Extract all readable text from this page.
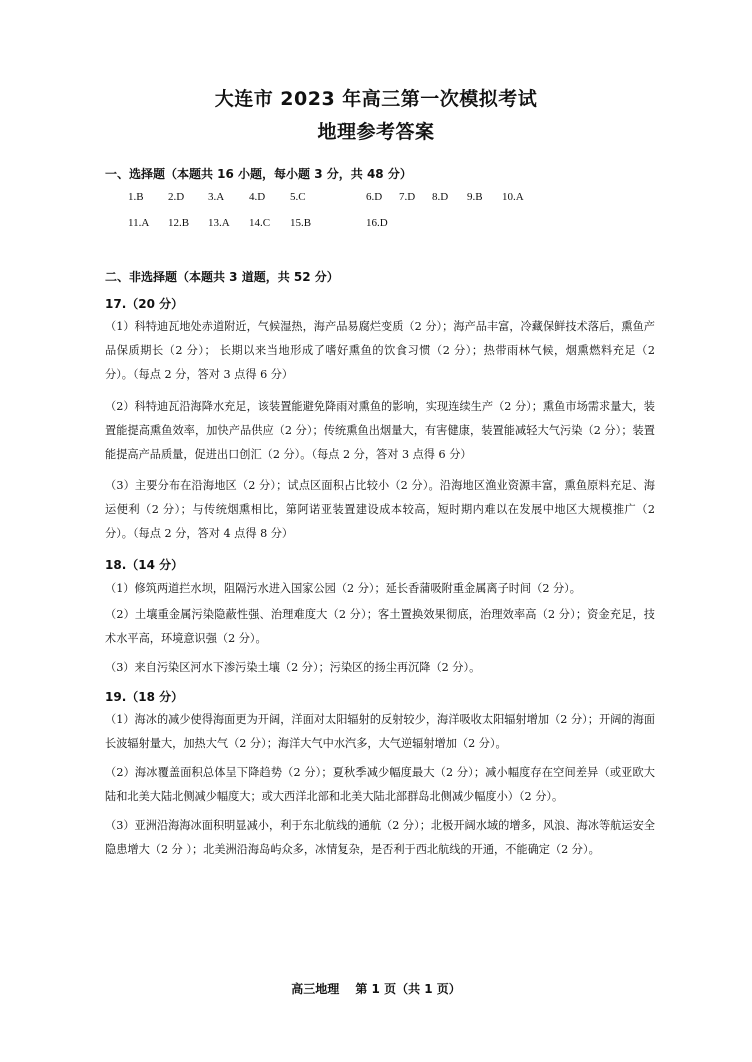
大连市 2023 年高三第一次模拟考试
地理参考答案
一、选择题（本题共 16 小题，每小题 3 分，共 48 分）
1.B 2.D 3.A 4.D 5.C	6.D 7.D 8.D 9.B 10.A
11.A 12.B 13.A 14.C 15.B	16.D
二、非选择题（本题共 3 道题，共 52 分）
17.（20 分）
（1）科特迪瓦地处赤道附近，气候湿热，海产品易腐烂变质（2 分）；海产品丰富，冷藏保鲜技术落后，熏鱼产品保质期长（2 分）； 长期以来当地形成了嗜好熏鱼的饮食习惯（2 分）；热带雨林气候，烟熏燃料充足（2 分）。（每点 2 分，答对 3 点得 6 分）
（2）科特迪瓦沿海降水充足，该装置能避免降雨对熏鱼的影响，实现连续生产（2 分）；熏鱼市场需求量大，装置能提高熏鱼效率，加快产品供应（2 分）；传统熏鱼出烟量大，有害健康，装置能减轻大气污染（2 分）；装置能提高产品质量，促进出口创汇（2 分）。（每点 2 分，答对 3 点得 6 分）
（3）主要分布在沿海地区（2 分）；试点区面积占比较小（2 分）。沿海地区渔业资源丰富，熏鱼原料充足、海运便利（2 分）；与传统烟熏相比，第阿诺亚装置建设成本较高，短时期内难以在发展中地区大规模推广（2 分）。（每点 2 分，答对 4 点得 8 分）
18.（14 分）
（1）修筑两道拦水坝，阻隔污水进入国家公园（2 分）；延长香蒲吸附重金属离子时间（2 分）。
（2）土壤重金属污染隐蔽性强、治理难度大（2 分）；客土置换效果彻底，治理效率高（2 分）；资金充足，技术水平高，环境意识强（2 分）。
（3）来自污染区河水下渗污染土壤（2 分）；污染区的扬尘再沉降（2 分）。
19.（18 分）
（1）海冰的减少使得海面更为开阔，洋面对太阳辐射的反射较少，海洋吸收太阳辐射增加（2 分）；开阔的海面长波辐射量大，加热大气（2 分）；海洋大气中水汽多，大气逆辐射增加（2 分）。
（2）海冰覆盖面积总体呈下降趋势（2 分）；夏秋季减少幅度最大（2 分）；减小幅度存在空间差异（或亚欧大陆和北美大陆北侧减少幅度大；或大西洋北部和北美大陆北部群岛北侧减少幅度小）（2 分）。
（3）亚洲沿海海冰面积明显减小，利于东北航线的通航（2 分）；北极开阔水域的增多，风浪、海冰等航运安全隐患增大（2 分 ）；北美洲沿海岛屿众多，冰情复杂，是否利于西北航线的开通，不能确定（2 分）。
高三地理　 第 1 页（共 1 页）
